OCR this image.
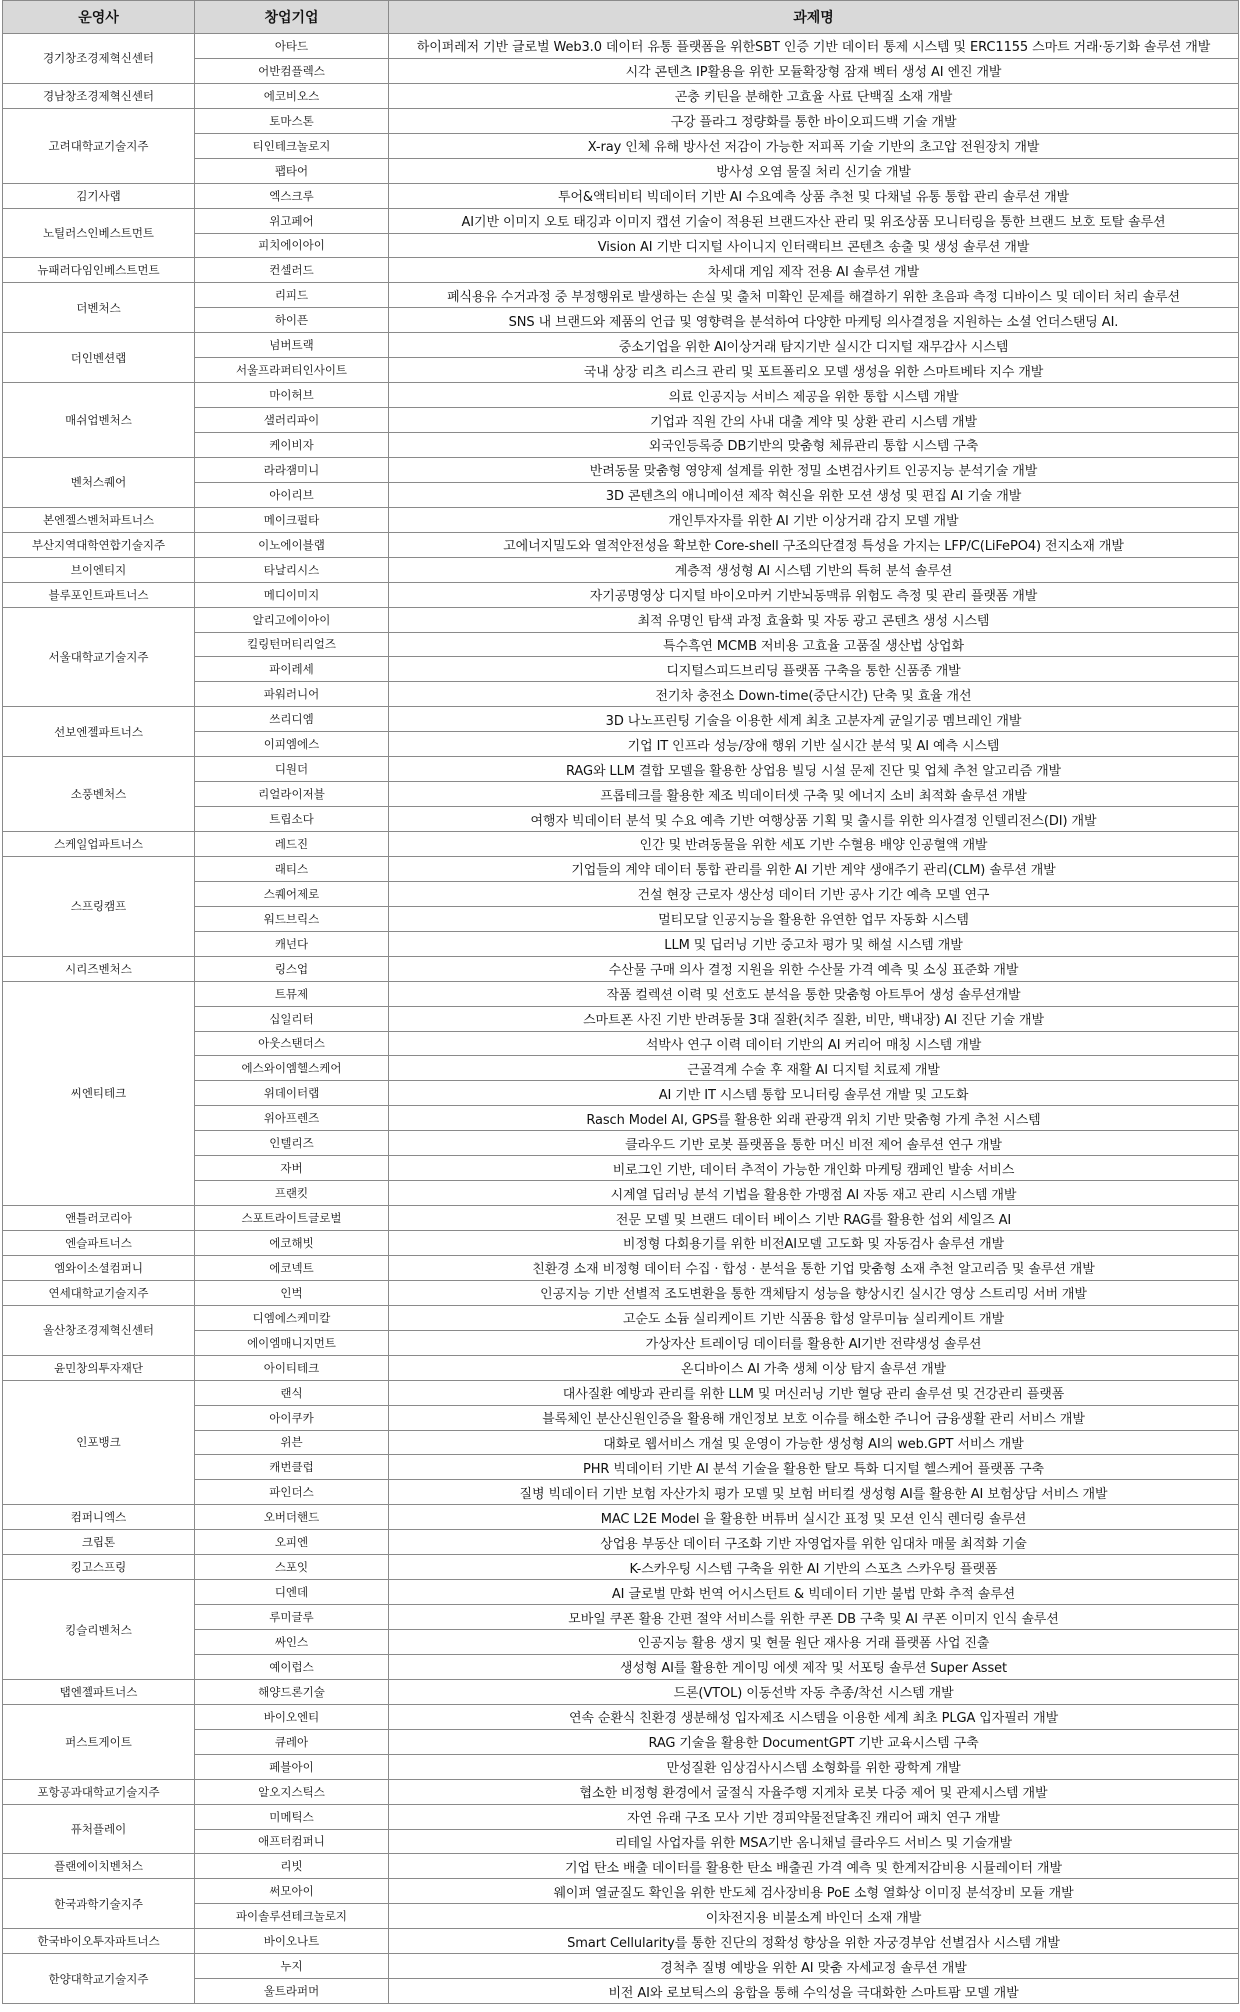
운영사	창업기업	과제명
경기창조경제혁신센터	아타드	하이퍼레저 기반 글로벌 Web3.0 데이터 유통 플랫폼을 위한SBT 인증 기반 데이터 통제 시스템 및 ERC1155 스마트 거래·동기화 솔루션 개발
	어반컴플렉스	시각 콘텐츠 IP활용을 위한 모듈확장형 잠재 벡터 생성 AI 엔진 개발
경남창조경제혁신센터	에코비오스	곤충 키틴을 분해한 고효율 사료 단백질 소재 개발
고려대학교기술지주	토마스톤	구강 플라그 정량화를 통한 바이오피드백 기술 개발
	티인테크놀로지	X-ray 인체 유해 방사선 저감이 가능한 저피폭 기술 기반의 초고압 전원장치 개발
	팹타어	방사성 오염 물질 처리 신기술 개발
김기사랩	엑스크루	투어&액티비티 빅데이터 기반 AI 수요예측 상품 추천 및 다채널 유통 통합 관리 솔루션 개발
노틸러스인베스트먼트	위고페어	AI기반 이미지 오토 태깅과 이미지 캡션 기술이 적용된 브랜드자산 관리 및 위조상품 모니터링을 통한 브랜드 보호 토탈 솔루션
	피치에이아이	Vision AI 기반 디지털 사이니지 인터랙티브 콘텐츠 송출 및 생성 솔루션 개발
뉴패러다임인베스트먼트	컨셀러드	차세대 게임 제작 전용 AI 솔루션 개발
더벤처스	리피드	폐식용유 수거과정 중 부정행위로 발생하는 손실 및 출처 미확인 문제를 해결하기 위한 초음파 측정 디바이스 및 데이터 처리 솔루션
	하이픈	SNS 내 브랜드와 제품의 언급 및 영향력을 분석하여 다양한 마케팅 의사결정을 지원하는 소셜 언더스탠딩 AI.
더인벤션랩	넘버트랙	중소기업을 위한 AI이상거래 탐지기반 실시간 디지털 재무감사 시스템
	서울프라퍼티인사이트	국내 상장 리츠 리스크 관리 및 포트폴리오 모델 생성을 위한 스마트베타 지수 개발
매쉬업벤처스	마이허브	의료 인공지능 서비스 제공을 위한 통합 시스템 개발
	샐러리파이	기업과 직원 간의 사내 대출 계약 및 상환 관리 시스템 개발
	케이비자	외국인등록증 DB기반의 맞춤형 체류관리 통합 시스템 구축
벤처스퀘어	라라잼미니	반려동물 맞춤형 영양제 설계를 위한 정밀 소변검사키트 인공지능 분석기술 개발
	아이리브	3D 콘텐츠의 애니메이션 제작 혁신을 위한 모션 생성 및 편집 AI 기술 개발
본엔젤스벤처파트너스	메이크펄타	개인투자자를 위한 AI 기반 이상거래 감지 모델 개발
부산지역대학연합기술지주	이노에이블랩	고에너지밀도와 열적안전성을 확보한 Core-shell 구조의단결정 특성을 가지는 LFP/C(LiFePO4) 전지소재 개발
브이엔티지	타날리시스	계층적 생성형 AI 시스템 기반의 특허 분석 솔루션
블루포인트파트너스	메디이미지	자기공명영상 디지털 바이오마커 기반뇌동맥류 위험도 측정 및 관리 플랫폼 개발
서울대학교기술지주	알리고에이아이	최적 유명인 탐색 과정 효율화 및 자동 광고 콘텐츠 생성 시스템
	킬링턴머티리얼즈	특수흑연 MCMB 저비용 고효율 고품질 생산법 상업화
	파이레세	디지털스피드브리딩 플랫폼 구축을 통한 신품종 개발
	파워러니어	전기차 충전소 Down-time(중단시간) 단축 및 효율 개선
선보엔젤파트너스	쓰리디엠	3D 나노프린팅 기술을 이용한 세계 최초 고분자계 균일기공 멤브레인 개발
	이피엠에스	기업 IT 인프라 성능/장애 행위 기반 실시간 분석 및 AI 예측 시스템
소풍벤처스	디원더	RAG와 LLM 결합 모델을 활용한 상업용 빌딩 시설 문제 진단 및 업체 추천 알고리즘 개발
	리얼라이저블	프롭테크를 활용한 제조 빅데이터셋 구축 및 에너지 소비 최적화 솔루션 개발
	트립소다	여행자 빅데이터 분석 및 수요 예측 기반 여행상품 기획 및 출시를 위한 의사결정 인텔리전스(DI) 개발
스케일업파트너스	레드진	인간 및 반려동물을 위한 세포 기반 수혈용 배양 인공혈액 개발
스프링캠프	래티스	기업들의 계약 데이터 통합 관리를 위한 AI 기반 계약 생애주기 관리(CLM) 솔루션 개발
	스퀘어제로	건설 현장 근로자 생산성 데이터 기반 공사 기간 예측 모델 연구
	워드브릭스	멀티모달 인공지능을 활용한 유연한 업무 자동화 시스템
	캐넌다	LLM 및 딥러닝 기반 중고차 평가 및 해설 시스템 개발
시리즈벤처스	링스업	수산물 구매 의사 결정 지원을 위한 수산물 가격 예측 및 소싱 표준화 개발
씨엔티테크	트뮤제	작품 컬렉션 이력 및 선호도 분석을 통한 맞춤형 아트투어 생성 솔루션개발
	십일리터	스마트폰 사진 기반 반려동물 3대 질환(치주 질환, 비만, 백내장) AI 진단 기술 개발
	아웃스탠더스	석박사 연구 이력 데이터 기반의 AI 커리어 매칭 시스템 개발
	에스와이엠헬스케어	근골격계 수술 후 재활 AI 디지털 치료제 개발
	위데이터랩	AI 기반 IT 시스템 통합 모니터링 솔루션 개발 및 고도화
	위아프렌즈	Rasch Model AI, GPS를 활용한 외래 관광객 위치 기반 맞춤형 가게 추천 시스템
	인텔리즈	클라우드 기반 로봇 플랫폼을 통한 머신 비전 제어 솔루션 연구 개발
	자버	비로그인 기반, 데이터 추적이 가능한 개인화 마케팅 캠페인 발송 서비스
	프랜킷	시계열 딥러닝 분석 기법을 활용한 가맹점 AI 자동 재고 관리 시스템 개발
앤틀러코리아	스포트라이트글로벌	전문 모델 및 브랜드 데이터 베이스 기반 RAG를 활용한 섭외 세일즈 AI
엔슬파트너스	에코해빗	비정형 다회용기를 위한 비전AI모델 고도화 및 자동검사 솔루션 개발
엠와이소셜컴퍼니	에코넥트	친환경 소재 비정형 데이터 수집 · 합성 · 분석을 통한 기업 맞춤형 소재 추천 알고리즘 및 솔루션 개발
연세대학교기술지주	인벅	인공지능 기반 선별적 조도변환을 통한 객체탐지 성능을 향상시킨 실시간 영상 스트리밍 서버 개발
울산창조경제혁신센터	디엠에스케미칼	고순도 소듐 실리케이트 기반 식품용 합성 알루미늄 실리케이트 개발
	에이엠매니지먼트	가상자산 트레이딩 데이터를 활용한 AI기반 전략생성 솔루션
윤민창의투자재단	아이티테크	온디바이스 AI 가축 생체 이상 탐지 솔루션 개발
인포뱅크	랜식	대사질환 예방과 관리를 위한 LLM 및 머신러닝 기반 혈당 관리 솔루션 및 건강관리 플랫폼
	아이쿠카	블록체인 분산신원인증을 활용해 개인정보 보호 이슈를 해소한 주니어 금융생활 관리 서비스 개발
	위븐	대화로 웹서비스 개설 및 운영이 가능한 생성형 AI의 web.GPT 서비스 개발
	캐번클럽	PHR 빅데이터 기반 AI 분석 기술을 활용한 탈모 특화 디지털 헬스케어 플랫폼 구축
	파인더스	질병 빅데이터 기반 보험 자산가치 평가 모델 및 보험 버티컬 생성형 AI를 활용한 AI 보험상담 서비스 개발
컴퍼니엑스	오버더핸드	MAC L2E Model 을 활용한 버튜버 실시간 표정 및 모션 인식 렌더링 솔루션
크립톤	오피엔	상업용 부동산 데이터 구조화 기반 자영업자를 위한 임대차 매물 최적화 기술
킹고스프링	스포잇	K-스카우팅 시스템 구축을 위한 AI 기반의 스포츠 스카우팅 플랫폼
킹슬리벤처스	디엔데	AI 글로벌 만화 번역 어시스턴트 & 빅데이터 기반 불법 만화 추적 솔루션
	루미글루	모바일 쿠폰 활용 간편 절약 서비스를 위한 쿠폰 DB 구축 및 AI 쿠폰 이미지 인식 솔루션
	싸인스	인공지능 활용 생지 및 현물 원단 재사용 거래 플랫폼 사업 진출
	예이럽스	생성형 AI를 활용한 게이밍 에셋 제작 및 서포팅 솔루션 Super Asset
탭엔젤파트너스	해양드론기술	드론(VTOL) 이동선박 자동 추종/착선 시스템 개발
퍼스트게이트	바이오엔티	연속 순환식 친환경 생분해성 입자제조 시스템을 이용한 세계 최초 PLGA 입자필러 개발
	큐레아	RAG 기술을 활용한 DocumentGPT 기반 교육시스템 구축
	페블아이	만성질환 임상검사시스템 소형화를 위한 광학계 개발
포항공과대학교기술지주	알오지스틱스	협소한 비정형 환경에서 굴절식 자율주행 지게차 로봇 다중 제어 및 관제시스템 개발
퓨처플레이	미메틱스	자연 유래 구조 모사 기반 경피약물전달촉진 캐리어 패치 연구 개발
	애프터컴퍼니	리테일 사업자를 위한 MSA기반 옴니채널 클라우드 서비스 및 기술개발
플랜에이치벤처스	리빗	기업 탄소 배출 데이터를 활용한 탄소 배출권 가격 예측 및 한계저감비용 시뮬레이터 개발
한국과학기술지주	써모아이	웨이퍼 열균질도 확인을 위한 반도체 검사장비용 PoE 소형 열화상 이미징 분석장비 모듈 개발
	파이솔루션테크놀로지	이차전지용 비불소계 바인더 소재 개발
한국바이오투자파트너스	바이오나트	Smart Cellularity를 통한 진단의 정확성 향상을 위한 자궁경부암 선별검사 시스템 개발
한양대학교기술지주	누지	경척추 질병 예방을 위한 AI 맞춤 자세교정 솔루션 개발
	울트라퍼머	비전 AI와 로보틱스의 융합을 통해 수익성을 극대화한 스마트팜 모델 개발
